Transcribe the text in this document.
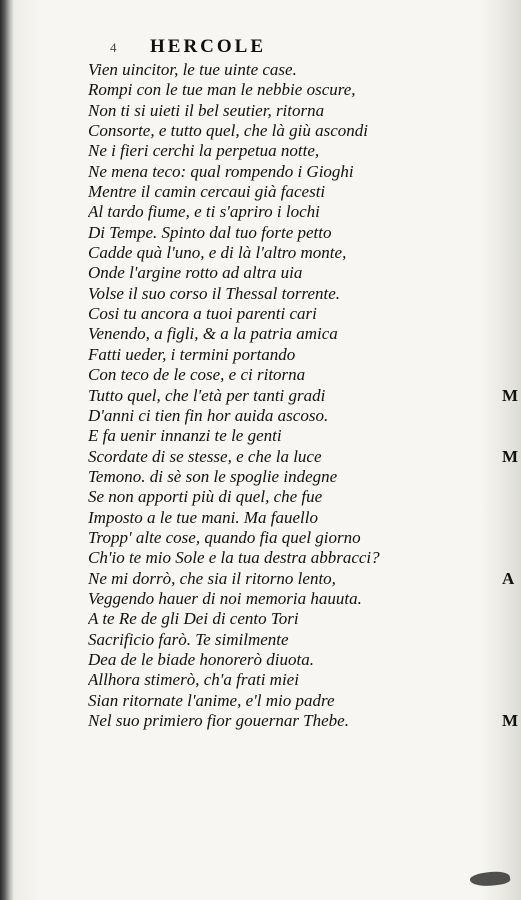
4 HERCOLE
Vien uincitor, le tue uinte case.
Rompi con le tue man le nebbie oscure,
Non ti si uieti il bel seutier, ritorna
Consorte, e tutto quel, che là giù ascondi
Ne i fieri cerchi la perpetua notte,
Ne mena teco: qual rompendo i Gioghi
Mentre il camin cercaui già facesti
Al tardo fiume, e ti s'apriro i lochi
Di Tempe. Spinto dal tuo forte petto
Cadde quà l'uno, e di là l'altro monte,
Onde l'argine rotto ad altra uia
Volse il suo corso il Thessal torrente.
Cosi tu ancora a tuoi parenti cari
Venendo, a figli, & a la patria amica
Fatti ueder, i termini portando
Con teco de le cose, e ci ritorna
Tutto quel, che l'età per tanti gradi
D'anni ci tien fin hor auida ascoso.
E fa uenir innanzi te le genti
Scordate di se stesse, e che la luce
Temono. di sè son le spoglie indegne
Se non apporti più di quel, che fue
Imposto a le tue mani. Ma fauello
Tropp' alte cose, quando fia quel giorno
Ch'io te mio Sole e la tua destra abbracci?
Ne mi dorrò, che sia il ritorno lento,
Veggendo hauer di noi memoria hauuta.
A te Re de gli Dei di cento Tori
Sacrificio farò. Te similmente
Dea de le biade honorerò diuota.
Allhora stimerò, ch'a frati miei
Sian ritornate l'anime, e'l mio padre
Nel suo primiero fior gouernar Thebe.
M
M
A
M
